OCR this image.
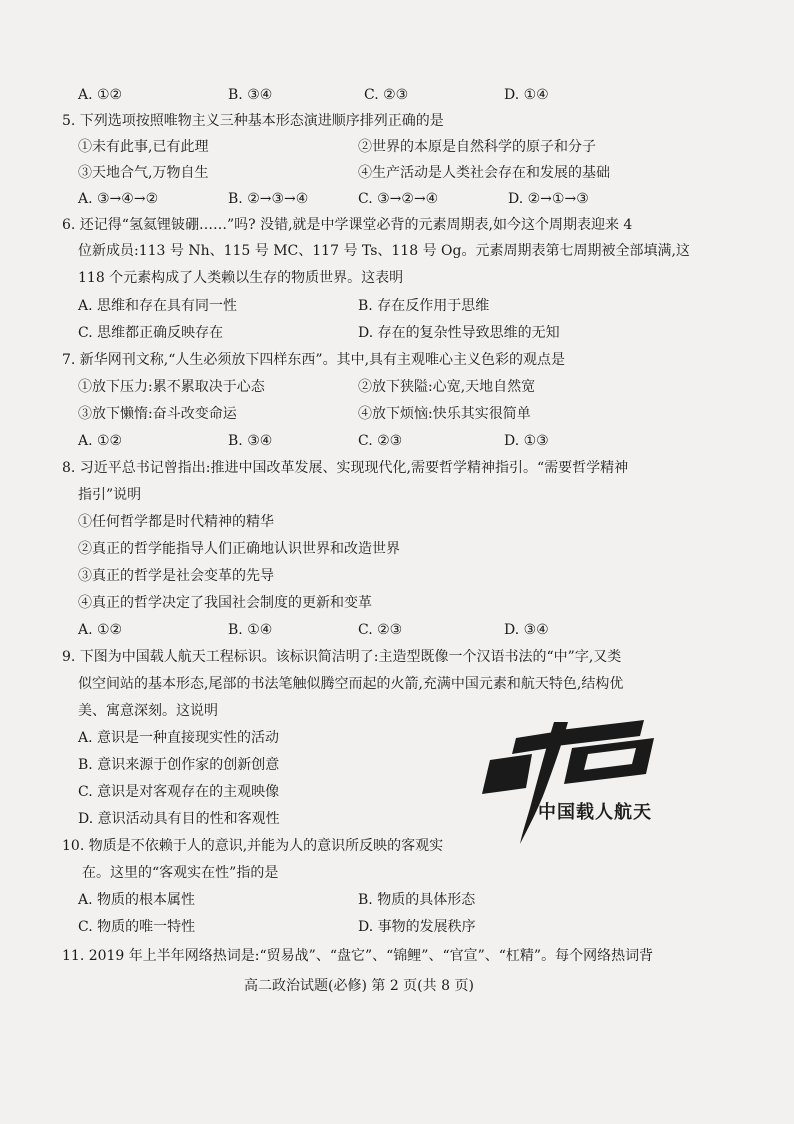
A. ①②	B. ③④	C. ②③	D. ①④
5. 下列选项按照唯物主义三种基本形态演进顺序排列正确的是
①未有此事,已有此理	②世界的本原是自然科学的原子和分子
③天地合气,万物自生	④生产活动是人类社会存在和发展的基础
A. ③→④→②	B. ②→③→④	C. ③→②→④	D. ②→①→③
6. 还记得“氢氦锂铍硼……”吗? 没错,就是中学课堂必背的元素周期表,如今这个周期表迎来 4
位新成员:113 号 Nh、115 号 MC、117 号 Ts、118 号 Og。元素周期表第七周期被全部填满,这
118 个元素构成了人类赖以生存的物质世界。这表明
A. 思维和存在具有同一性	B. 存在反作用于思维
C. 思维都正确反映存在	D. 存在的复杂性导致思维的无知
7. 新华网刊文称,“人生必须放下四样东西”。其中,具有主观唯心主义色彩的观点是
①放下压力:累不累取决于心态	②放下狭隘:心宽,天地自然宽
③放下懒惰:奋斗改变命运	④放下烦恼:快乐其实很简单
A. ①②	B. ③④	C. ②③	D. ①③
8. 习近平总书记曾指出:推进中国改革发展、实现现代化,需要哲学精神指引。“需要哲学精神
指引”说明
①任何哲学都是时代精神的精华
②真正的哲学能指导人们正确地认识世界和改造世界
③真正的哲学是社会变革的先导
④真正的哲学决定了我国社会制度的更新和变革
A. ①②	B. ①④	C. ②③	D. ③④
9. 下图为中国载人航天工程标识。该标识简洁明了:主造型既像一个汉语书法的“中”字,又类
似空间站的基本形态,尾部的书法笔触似腾空而起的火箭,充满中国元素和航天特色,结构优
美、寓意深刻。这说明
A. 意识是一种直接现实性的活动
B. 意识来源于创作家的创新创意
C. 意识是对客观存在的主观映像
D. 意识活动具有目的性和客观性	中国载人航天
10. 物质是不依赖于人的意识,并能为人的意识所反映的客观实
在。这里的“客观实在性”指的是
A. 物质的根本属性	B. 物质的具体形态
C. 物质的唯一特性	D. 事物的发展秩序
11. 2019 年上半年网络热词是:“贸易战”、“盘它”、“锦鲤”、“官宣”、“杠精”。每个网络热词背
高二政治试题(必修) 第 2 页(共 8 页)
